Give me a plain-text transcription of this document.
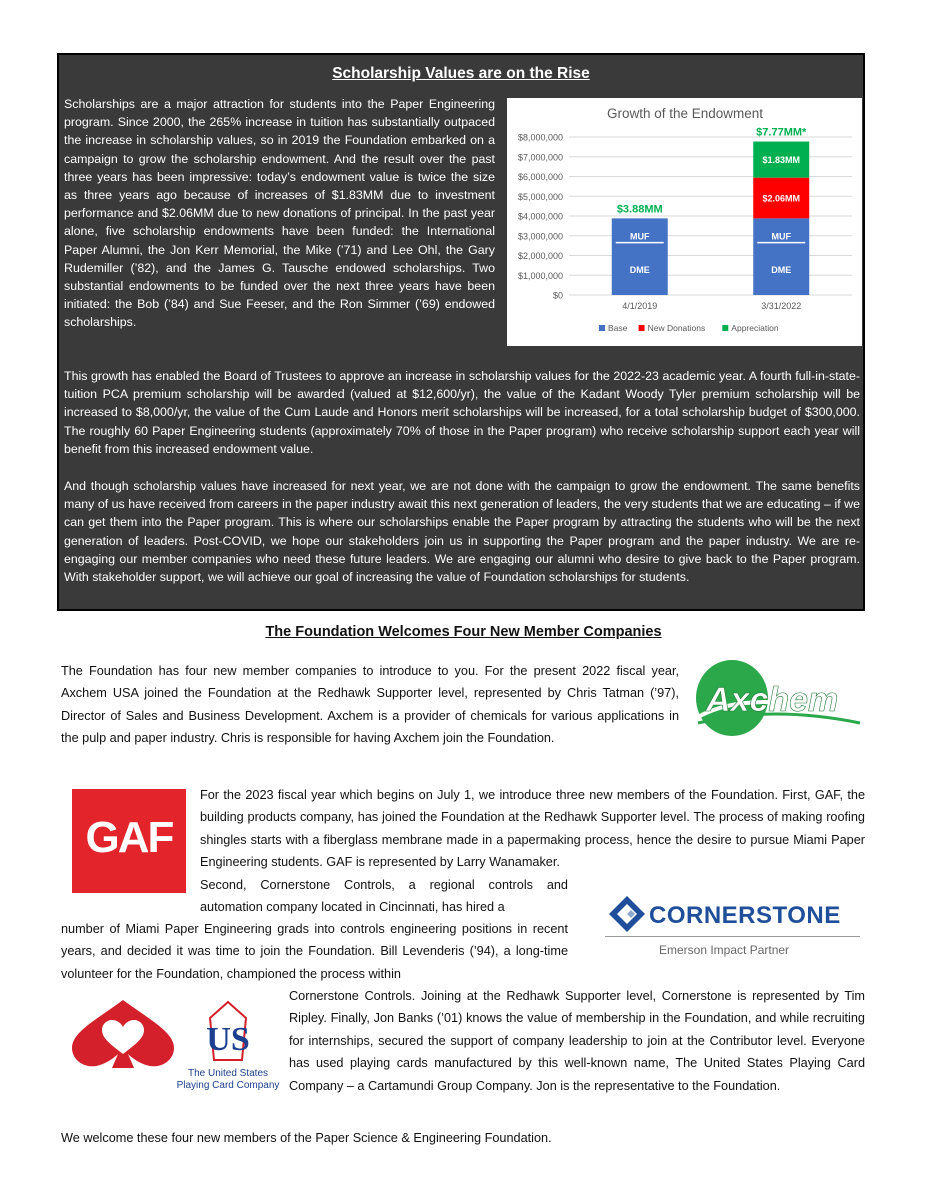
Scholarship Values are on the Rise
Scholarships are a major attraction for students into the Paper Engineering program. Since 2000, the 265% increase in tuition has substantially outpaced the increase in scholarship values, so in 2019 the Foundation embarked on a campaign to grow the scholarship endowment. And the result over the past three years has been impressive: today’s endowment value is twice the size as three years ago because of increases of $1.83MM due to investment performance and $2.06MM due to new donations of principal. In the past year alone, five scholarship endowments have been funded: the International Paper Alumni, the Jon Kerr Memorial, the Mike (’71) and Lee Ohl, the Gary Rudemiller (’82), and the James G. Tausche endowed scholarships. Two substantial endowments to be funded over the next three years have been initiated: the Bob (’84) and Sue Feeser, and the Ron Simmer (’69) endowed scholarships.
Growth of the Endowment
$0
$1,000,000
$2,000,000
$3,000,000
$4,000,000
$5,000,000
$6,000,000
$7,000,000
$8,000,000
$3.88MM
$7.77MM*
MUF
DME
MUF
DME
$2.06MM
$1.83MM
4/1/2019	3/31/2022
Base New Donations	Appreciation
This growth has enabled the Board of Trustees to approve an increase in scholarship values for the 2022-23 academic year. A fourth full-in-state-tuition PCA premium scholarship will be awarded (valued at $12,600/yr), the value of the Kadant Woody Tyler premium scholarship will be increased to $8,000/yr, the value of the Cum Laude and Honors merit scholarships will be increased, for a total scholarship budget of $300,000. The roughly 60 Paper Engineering students (approximately 70% of those in the Paper program) who receive scholarship support each year will benefit from this increased endowment value.
And though scholarship values have increased for next year, we are not done with the campaign to grow the endowment. The same benefits many of us have received from careers in the paper industry await this next generation of leaders, the very students that we are educating – if we can get them into the Paper program. This is where our scholarships enable the Paper program by attracting the students who will be the next generation of leaders. Post-COVID, we hope our stakeholders join us in supporting the Paper program and the paper industry. We are re-engaging our member companies who need these future leaders. We are engaging our alumni who desire to give back to the Paper program. With stakeholder support, we will achieve our goal of increasing the value of Foundation scholarships for students.
The Foundation Welcomes Four New Member Companies
The Foundation has four new member companies to introduce to you. For the present 2022 fiscal year, Axchem USA joined the Foundation at the Redhawk Supporter level, represented by Chris Tatman (’97), Director of Sales and Business Development. Axchem is a provider of chemicals for various applications in the pulp and paper industry. Chris is responsible for having Axchem join the Foundation.
Axchem
GAF
® For the 2023 fiscal year which begins on July 1, we introduce three new members of the Foundation. First, GAF, the building products company, has joined the Foundation at the Redhawk Supporter level. The process of making roofing shingles starts with a fiberglass membrane made in a papermaking process, hence the desire to pursue Miami Paper Engineering students. GAF is represented by Larry Wanamaker.
Second, Cornerstone Controls, a regional controls and automation company located in Cincinnati, has hired a	CORNERSTONE
Emerson Impact Partner
number of Miami Paper Engineering grads into controls engineering positions in recent years, and decided it was time to join the Foundation. Bill Levenderis (’94), a long-time volunteer for the Foundation, championed the process within
US
The United States
Playing Card Company
Cornerstone Controls. Joining at the Redhawk Supporter level, Cornerstone is represented by Tim Ripley. Finally, Jon Banks (’01) knows the value of membership in the Foundation, and while recruiting for internships, secured the support of company leadership to join at the Contributor level. Everyone has used playing cards manufactured by this well-known name, The United States Playing Card Company – a Cartamundi Group Company. Jon is the representative to the Foundation.
We welcome these four new members of the Paper Science & Engineering Foundation.
